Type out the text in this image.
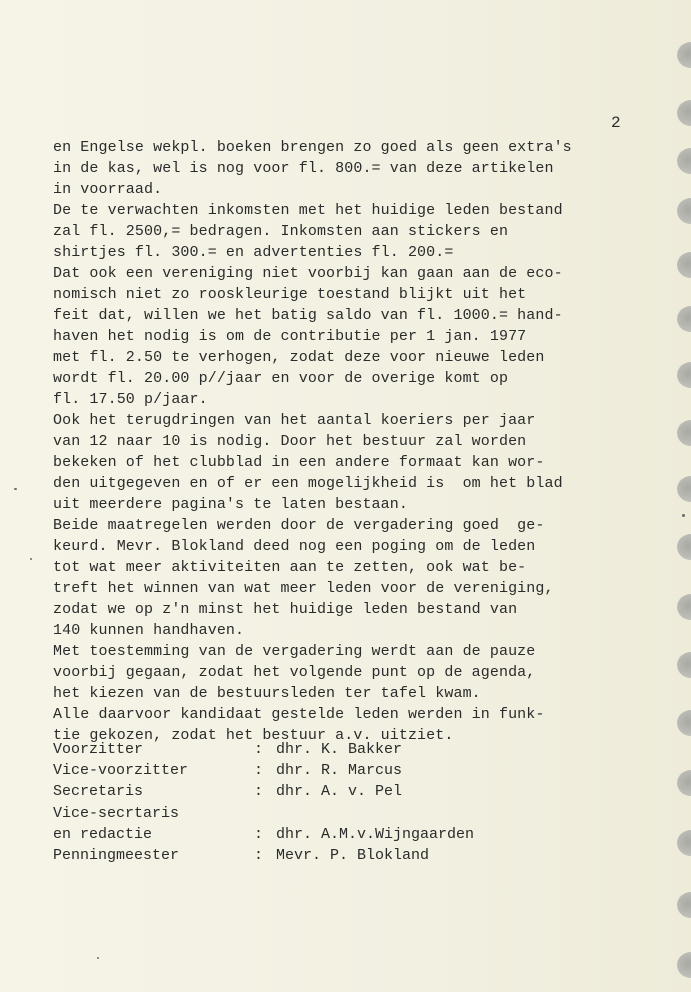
2
en Engelse wekpl. boeken brengen zo goed als geen extra's
in de kas, wel is nog voor fl. 800.= van deze artikelen
in voorraad.
De te verwachten inkomsten met het huidige leden bestand
zal fl. 2500,= bedragen. Inkomsten aan stickers en
shirtjes fl. 300.= en advertenties fl. 200.=
Dat ook een vereniging niet voorbij kan gaan aan de eco-
nomisch niet zo rooskleurige toestand blijkt uit het
feit dat, willen we het batig saldo van fl. 1000.= hand-
haven het nodig is om de contributie per 1 jan. 1977
met fl. 2.50 te verhogen, zodat deze voor nieuwe leden
wordt fl. 20.00 p//jaar en voor de overige komt op
fl. 17.50 p/jaar.
Ook het terugdringen van het aantal koeriers per jaar
van 12 naar 10 is nodig. Door het bestuur zal worden
bekeken of het clubblad in een andere formaat kan wor-
den uitgegeven en of er een mogelijkheid is  om het blad
uit meerdere pagina's te laten bestaan.
Beide maatregelen werden door de vergadering goed  ge-
keurd. Mevr. Blokland deed nog een poging om de leden
tot wat meer aktiviteiten aan te zetten, ook wat be-
treft het winnen van wat meer leden voor de vereniging,
zodat we op z'n minst het huidige leden bestand van
140 kunnen handhaven.
Met toestemming van de vergadering werdt aan de pauze
voorbij gegaan, zodat het volgende punt op de agenda,
het kiezen van de bestuursleden ter tafel kwam.
Alle daarvoor kandidaat gestelde leden werden in funk-
tie gekozen, zodat het bestuur a.v. uitziet.
Voorzitter	: dhr. K. Bakker
Vice-voorzitter	: dhr. R. Marcus
Secretaris	: dhr. A. v. Pel
Vice-secrtaris
en redactie	: dhr. A.M.v.Wijngaarden
Penningmeester	: Mevr. P. Blokland
